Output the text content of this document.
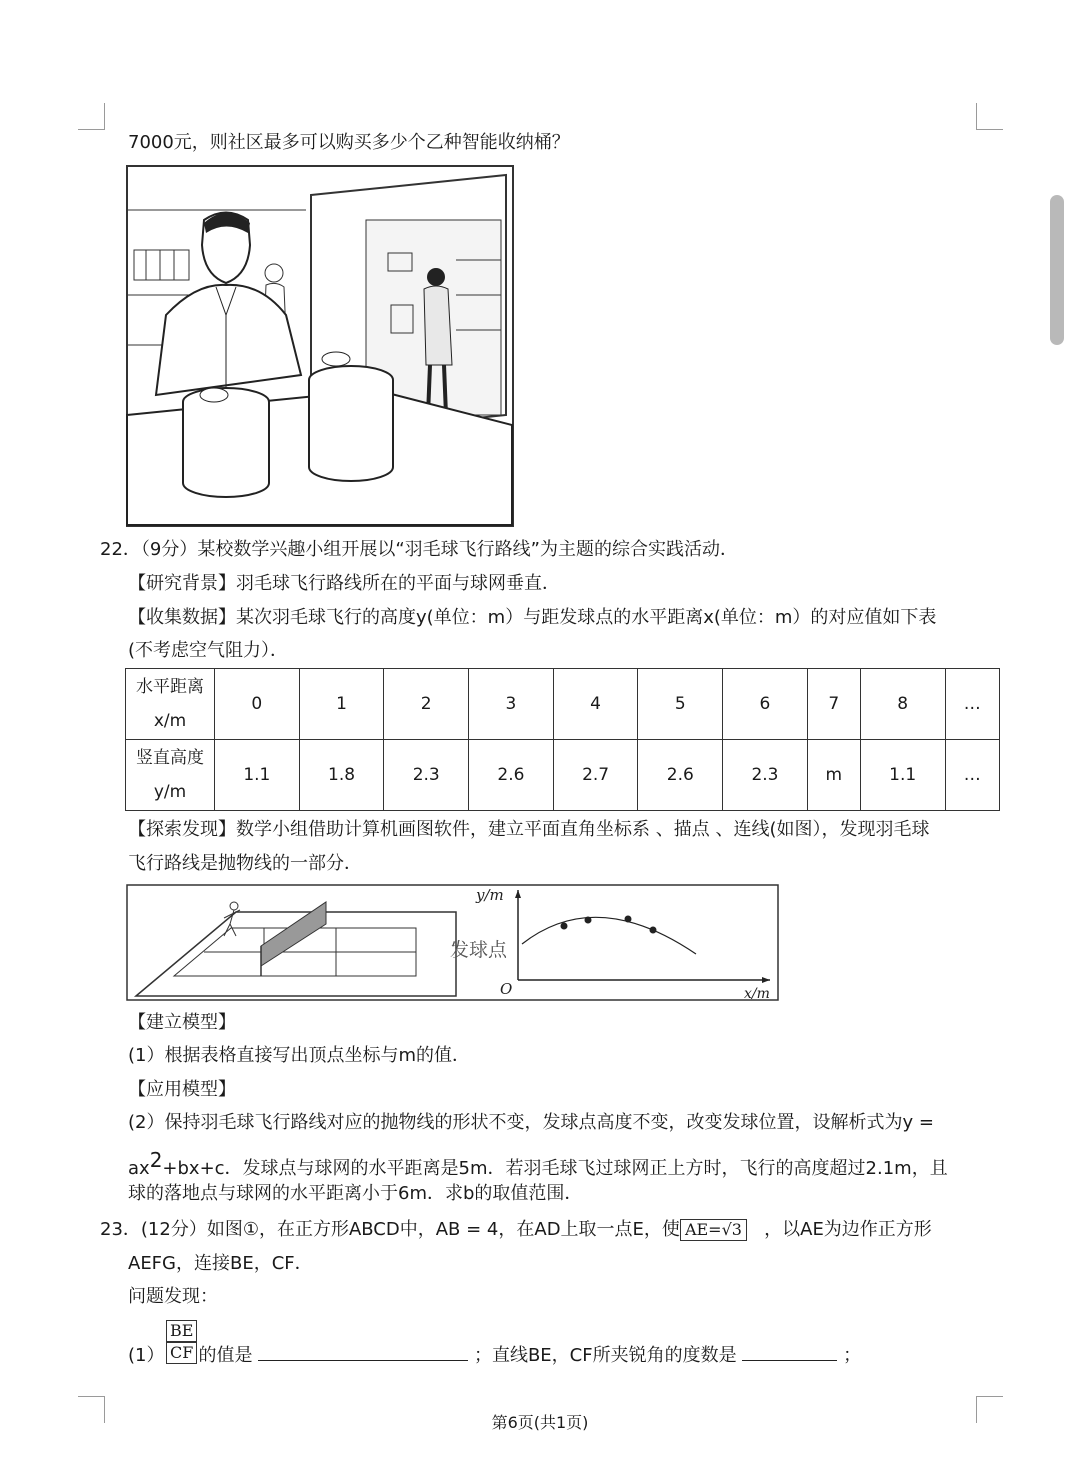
7000元，则社区最多可以购买多少个乙种智能收纳桶？
22．（9分）某校数学兴趣小组开展以“羽毛球飞行路线”为主题的综合实践活动．
【研究背景】羽毛球飞行路线所在的平面与球网垂直．
【收集数据】某次羽毛球飞行的高度y(单位：m）与距发球点的水平距离x(单位：m）的对应值如下表
(不考虑空气阻力）．
水平距离
x/m	0	1	2	3	4	5	6	7	8	…
竖直高度
y/m	1.1	1.8	2.3	2.6	2.7	2.6	2.3	m	1.1	…
【探索发现】数学小组借助计算机画图软件，建立平面直角坐标系 、描点 、连线(如图），发现羽毛球
飞行路线是抛物线的一部分．
y/m
x/m
O
发球点
【建立模型】
(1）根据表格直接写出顶点坐标与m的值．
【应用模型】
(2）保持羽毛球飞行路线对应的抛物线的形状不变，发球点高度不变，改变发球位置，设解析式为y =
$ax^2+bx+c$．发球点与球网的水平距离是5m．若羽毛球飞过球网正上方时，飞行的高度超过2.1m，且
球的落地点与球网的水平距离小于6m．求b的取值范围．
23．(12分）如图①，在正方形ABCD中，AB = 4，在AD上取一点E，使 AE=√3 ，以AE为边作正方形
AEFG，连接BE，CF．
问题发现：
$\frac{BE}{CF}$
(1） 的值是	；直线BE，CF所夹锐角的度数是	；
第6页(共1页)
